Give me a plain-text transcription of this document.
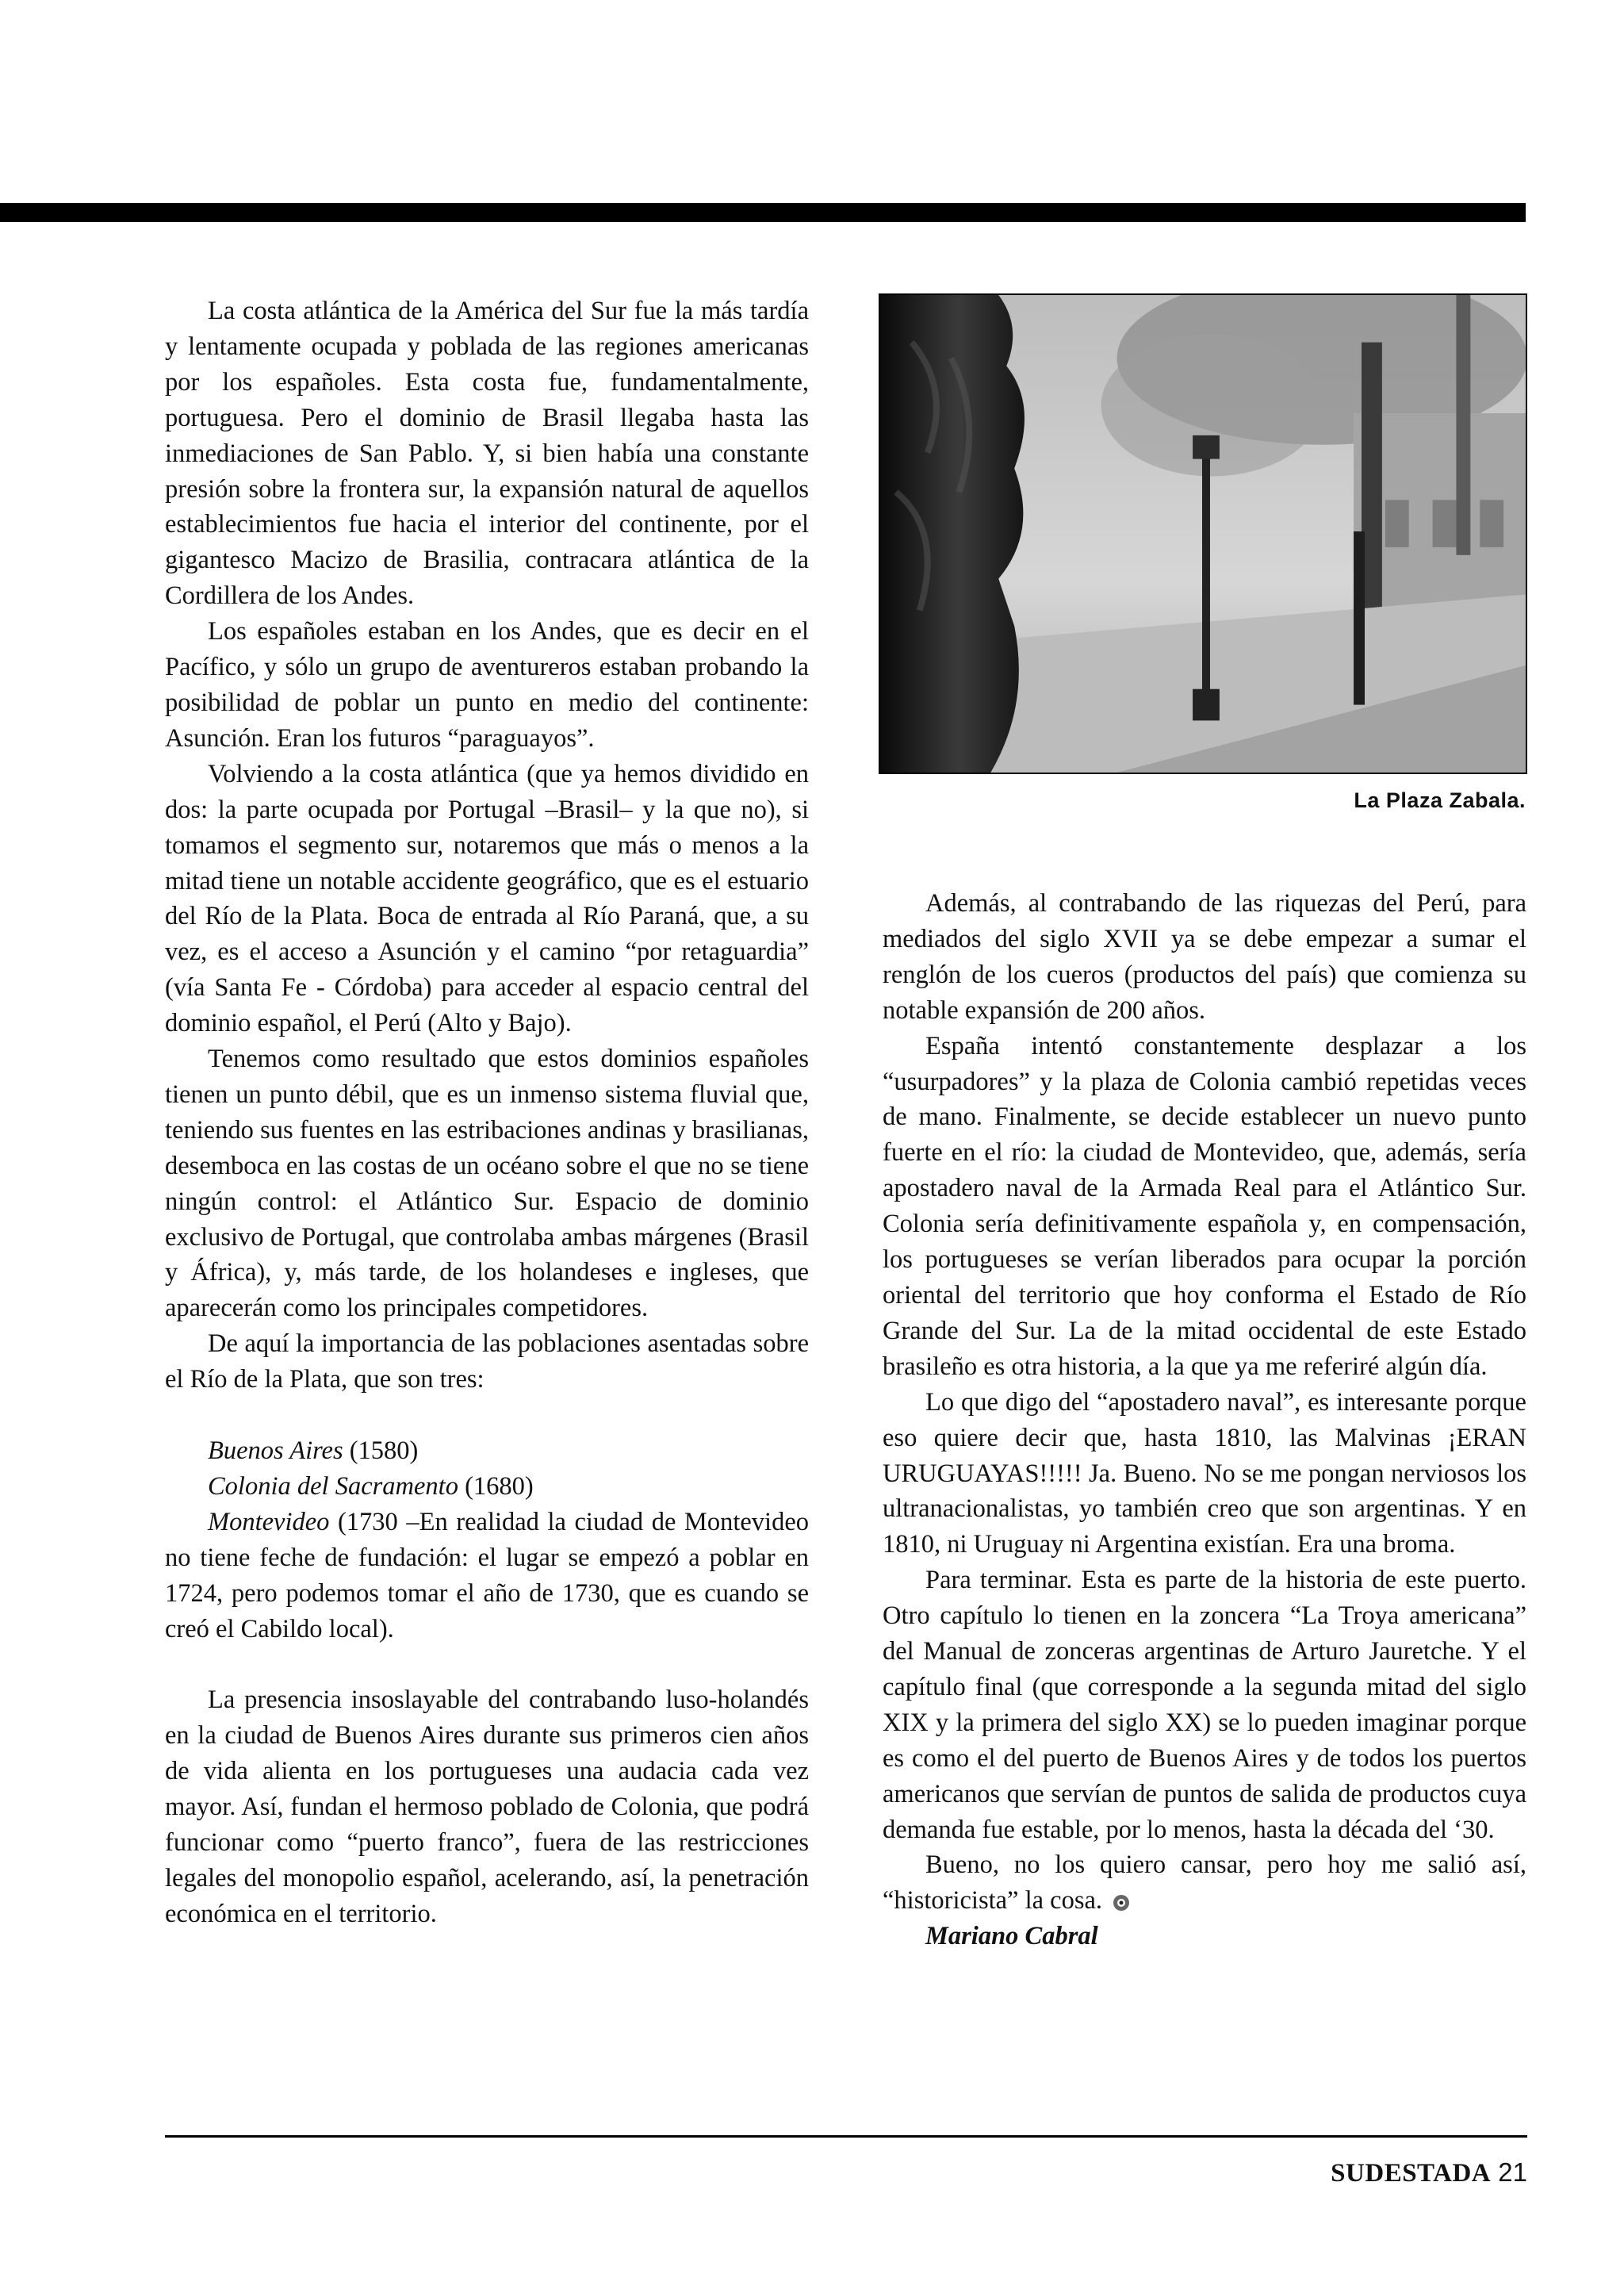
La costa atlántica de la América del Sur fue la más tardía y lentamente ocupada y poblada de las regiones americanas por los españoles. Esta costa fue, fundamentalmente, portuguesa. Pero el dominio de Brasil llegaba hasta las inmediaciones de San Pablo. Y, si bien había una constante presión sobre la frontera sur, la expansión natural de aquellos establecimientos fue hacia el interior del continente, por el gigantesco Macizo de Brasilia, contracara atlántica de la Cordillera de los Andes.

Los españoles estaban en los Andes, que es decir en el Pacífico, y sólo un grupo de aventureros estaban probando la posibilidad de poblar un punto en medio del continente: Asunción. Eran los futuros “paraguayos”.

Volviendo a la costa atlántica (que ya hemos dividido en dos: la parte ocupada por Portugal –Brasil– y la que no), si tomamos el segmento sur, notaremos que más o menos a la mitad tiene un notable accidente geográfico, que es el estuario del Río de la Plata. Boca de entrada al Río Paraná, que, a su vez, es el acceso a Asunción y el camino “por retaguardia” (vía Santa Fe - Córdoba) para acceder al espacio central del dominio español, el Perú (Alto y Bajo).

Tenemos como resultado que estos dominios españoles tienen un punto débil, que es un inmenso sistema fluvial que, teniendo sus fuentes en las estribaciones andinas y brasilianas, desemboca en las costas de un océano sobre el que no se tiene ningún control: el Atlántico Sur. Espacio de dominio exclusivo de Portugal, que controlaba ambas márgenes (Brasil y África), y, más tarde, de los holandeses e ingleses, que aparecerán como los principales competidores.

De aquí la importancia de las poblaciones asentadas sobre el Río de la Plata, que son tres:

Buenos Aires (1580)
Colonia del Sacramento (1680)
Montevideo (1730 –En realidad la ciudad de Montevideo no tiene feche de fundación: el lugar se empezó a poblar en 1724, pero podemos tomar el año de 1730, que es cuando se creó el Cabildo local).

La presencia insoslayable del contrabando luso-holandés en la ciudad de Buenos Aires durante sus primeros cien años de vida alienta en los portugueses una audacia cada vez mayor. Así, fundan el hermoso poblado de Colonia, que podrá funcionar como “puerto franco”, fuera de las restricciones legales del monopolio español, acelerando, así, la penetración económica en el territorio.

La Plaza Zabala.

Además, al contrabando de las riquezas del Perú, para mediados del siglo XVII ya se debe empezar a sumar el renglón de los cueros (productos del país) que comienza su notable expansión de 200 años.

España intentó constantemente desplazar a los “usurpadores” y la plaza de Colonia cambió repetidas veces de mano. Finalmente, se decide establecer un nuevo punto fuerte en el río: la ciudad de Montevideo, que, además, sería apostadero naval de la Armada Real para el Atlántico Sur. Colonia sería definitivamente española y, en compensación, los portugueses se verían liberados para ocupar la porción oriental del territorio que hoy conforma el Estado de Río Grande del Sur. La de la mitad occidental de este Estado brasileño es otra historia, a la que ya me referiré algún día.

Lo que digo del “apostadero naval”, es interesante porque eso quiere decir que, hasta 1810, las Malvinas ¡ERAN URUGUAYAS!!!!! Ja. Bueno. No se me pongan nerviosos los ultranacionalistas, yo también creo que son argentinas. Y en 1810, ni Uruguay ni Argentina existían. Era una broma.

Para terminar. Esta es parte de la historia de este puerto. Otro capítulo lo tienen en la zoncera “La Troya americana” del Manual de zonceras argentinas de Arturo Jauretche. Y el capítulo final (que corresponde a la segunda mitad del siglo XIX y la primera del siglo XX) se lo pueden imaginar porque es como el del puerto de Buenos Aires y de todos los puertos americanos que servían de puntos de salida de productos cuya demanda fue estable, por lo menos, hasta la década del ‘30.

Bueno, no los quiero cansar, pero hoy me salió así, “historicista” la cosa.

Mariano Cabral

SUDESTADA 21
